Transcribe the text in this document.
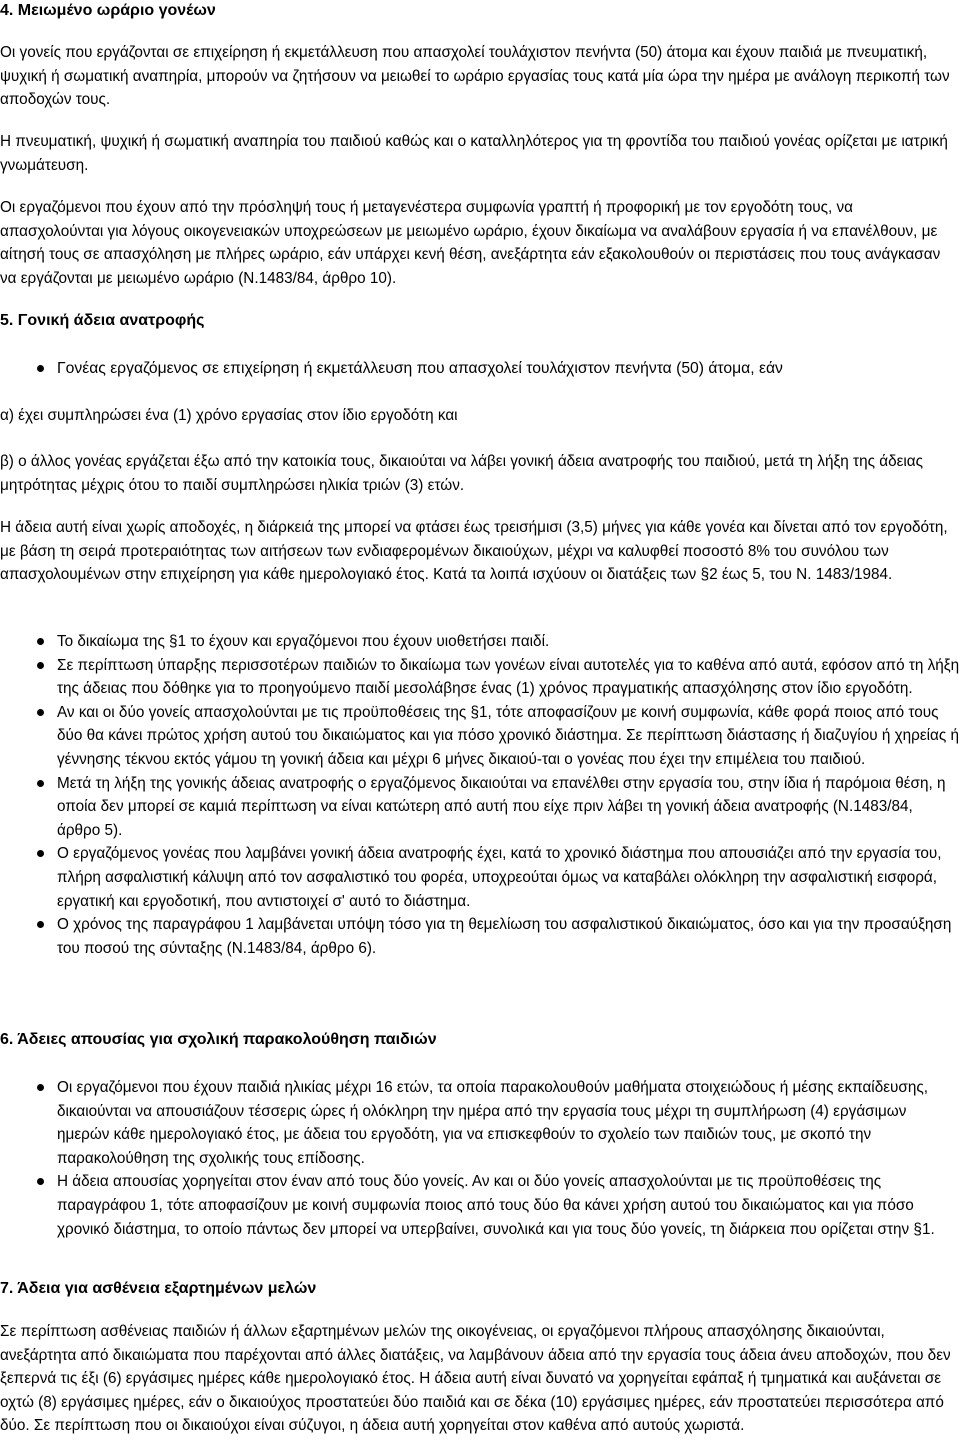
4. Μειωμένο ωράριο γονέων

Οι γονείς που εργάζονται σε επιχείρηση ή εκμετάλλευση που απασχολεί τουλάχιστον πενήντα (50) άτομα και έχουν παιδιά με πνευματική, ψυχική ή σωματική αναπηρία, μπορούν να ζητήσουν να μειωθεί το ωράριο εργασίας τους κατά μία ώρα την ημέρα με ανάλογη περικοπή των αποδοχών τους.

Η πνευματική, ψυχική ή σωματική αναπηρία του παιδιού καθώς και ο καταλληλότερος για τη φροντίδα του παιδιού γονέας ορίζεται με ιατρική γνωμάτευση.

Οι εργαζόμενοι που έχουν από την πρόσληψή τους ή μεταγενέστερα συμφωνία γραπτή ή προφορική με τον εργοδότη τους, να απασχολούνται για λόγους οικογενειακών υποχρεώσεων με μειωμένο ωράριο, έχουν δικαίωμα να αναλάβουν εργασία ή να επανέλθουν, με αίτησή τους σε απασχόληση με πλήρες ωράριο, εάν υπάρχει κενή θέση, ανεξάρτητα εάν εξακολουθούν οι περιστάσεις που τους ανάγκασαν να εργάζονται με μειωμένο ωράριο (Ν.1483/84, άρθρο 10).

5. Γονική άδεια ανατροφής
Γονέας εργαζόμενος σε επιχείρηση ή εκμετάλλευση που απασχολεί τουλάχιστον πενήντα (50) άτομα, εάν

α) έχει συμπληρώσει ένα (1) χρόνο εργασίας στον ίδιο εργοδότη και

β) ο άλλος γονέας εργάζεται έξω από την κατοικία τους, δικαιούται να λάβει γονική άδεια ανατροφής του παιδιού, μετά τη λήξη της άδειας μητρότητας μέχρις ότου το παιδί συμπληρώσει ηλικία τριών (3) ετών.

Η άδεια αυτή είναι χωρίς αποδοχές, η διάρκειά της μπορεί να φτάσει έως τρεισήμισι (3,5) μήνες για κάθε γονέα και δίνεται από τον εργοδότη, με βάση τη σειρά προτεραιότητας των αιτήσεων των ενδιαφερομένων δικαιούχων, μέχρι να καλυφθεί ποσοστό 8% του συνόλου των απασχολουμένων στην επιχείρηση για κάθε ημερολογιακό έτος. Κατά τα λοιπά ισχύουν οι διατάξεις των §2 έως 5, του Ν. 1483/1984.

Το δικαίωμα της §1 το έχουν και εργαζόμενοι που έχουν υιοθετήσει παιδί.
Σε περίπτωση ύπαρξης περισσοτέρων παιδιών το δικαίωμα των γονέων είναι αυτοτελές για το καθένα από αυτά, εφόσον από τη λήξη της άδειας που δόθηκε για το προηγούμενο παιδί μεσολάβησε ένας (1) χρόνος πραγματικής απασχόλησης στον ίδιο εργοδότη.
Αν και οι δύο γονείς απασχολούνται με τις προϋποθέσεις της §1, τότε αποφασίζουν με κοινή συμφωνία, κάθε φορά ποιος από τους δύο θα κάνει πρώτος χρήση αυτού του δικαιώματος και για πόσο χρονικό διάστημα. Σε περίπτωση διάστασης ή διαζυγίου ή χηρείας ή γέννησης τέκνου εκτός γάμου τη γονική άδεια και μέχρι 6 μήνες δικαιού-ται ο γονέας που έχει την επιμέλεια του παιδιού.
Μετά τη λήξη της γονικής άδειας ανατροφής ο εργαζόμενος δικαιούται να επανέλθει στην εργασία του, στην ίδια ή παρόμοια θέση, η οποία δεν μπορεί σε καμιά περίπτωση να είναι κατώτερη από αυτή που είχε πριν λάβει τη γονική άδεια ανατροφής (Ν.1483/84, άρθρο 5).
Ο εργαζόμενος γονέας που λαμβάνει γονική άδεια ανατροφής έχει, κατά το χρονικό διάστημα που απουσιάζει από την εργασία του, πλήρη ασφαλιστική κάλυψη από τον ασφαλιστικό του φορέα, υποχρεούται όμως να καταβάλει ολόκληρη την ασφαλιστική εισφορά, εργατική και εργοδοτική, που αντιστοιχεί σ' αυτό το διάστημα.
Ο χρόνος της παραγράφου 1 λαμβάνεται υπόψη τόσο για τη θεμελίωση του ασφαλιστικού δικαιώματος, όσο και για την προσαύξηση του ποσού της σύνταξης (Ν.1483/84, άρθρο 6).
6. Άδειες απουσίας για σχολική παρακολούθηση παιδιών
Οι εργαζόμενοι που έχουν παιδιά ηλικίας μέχρι 16 ετών, τα οποία παρακολουθούν μαθήματα στοιχειώδους ή μέσης εκπαίδευσης, δικαιούνται να απουσιάζουν τέσσερις ώρες ή ολόκληρη την ημέρα από την εργασία τους μέχρι τη συμπλήρωση (4) εργάσιμων ημερών κάθε ημερολογιακό έτος, με άδεια του εργοδότη, για να επισκεφθούν το σχολείο των παιδιών τους, με σκοπό την παρακολούθηση της σχολικής τους επίδοσης.
Η άδεια απουσίας χορηγείται στον έναν από τους δύο γονείς. Αν και οι δύο γονείς απασχολούνται με τις προϋποθέσεις της παραγράφου 1, τότε αποφασίζουν με κοινή συμφωνία ποιος από τους δύο θα κάνει χρήση αυτού του δικαιώματος και για πόσο χρονικό διάστημα, το οποίο πάντως δεν μπορεί να υπερβαίνει, συνολικά και για τους δύο γονείς, τη διάρκεια που ορίζεται στην §1.
7. Άδεια για ασθένεια εξαρτημένων μελών

Σε περίπτωση ασθένειας παιδιών ή άλλων εξαρτημένων μελών της οικογένειας, οι εργαζόμενοι πλήρους απασχόλησης δικαιούνται, ανεξάρτητα από δικαιώματα που παρέχονται από άλλες διατάξεις, να λαμβάνουν άδεια από την εργασία τους άδεια άνευ αποδοχών, που δεν ξεπερνά τις έξι (6) εργάσιμες ημέρες κάθε ημερολογιακό έτος. Η άδεια αυτή είναι δυνατό να χορηγείται εφάπαξ ή τμηματικά και αυξάνεται σε οχτώ (8) εργάσιμες ημέρες, εάν ο δικαιούχος προστατεύει δύο παιδιά και σε δέκα (10) εργάσιμες ημέρες, εάν προστατεύει περισσότερα από δύο. Σε περίπτωση που οι δικαιούχοι είναι σύζυγοι, η άδεια αυτή χορηγείται στον καθένα από αυτούς χωριστά.
